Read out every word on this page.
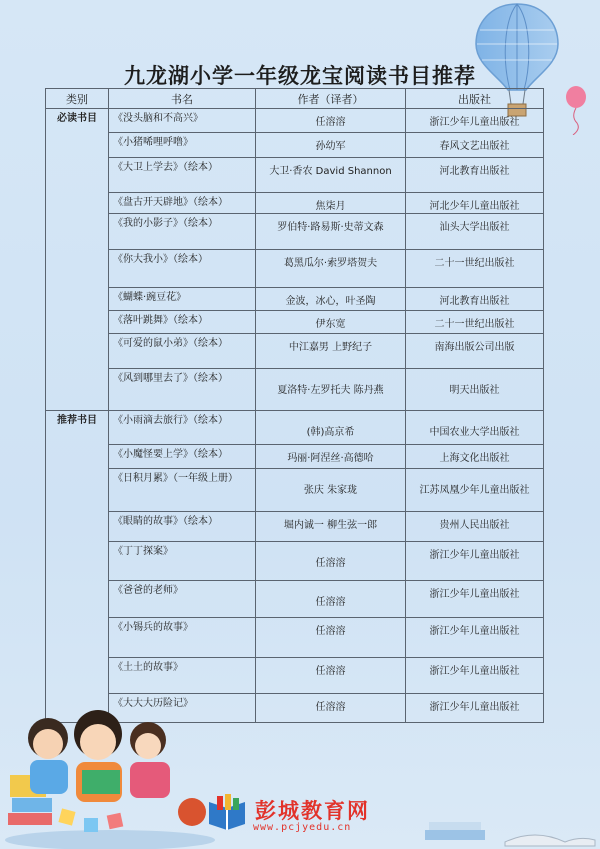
九龙湖小学一年级龙宝阅读书目推荐
类别	书名	作者（译者）	出版社
必读书目	《没头脑和不高兴》	任溶溶	浙江少年儿童出版社
	《小猪唏哩呼噜》	孙幼军	春风文艺出版社
	《大卫上学去》（绘本）	大卫·香农 David Shannon	河北教育出版社
	《盘古开天辟地》（绘本）	焦柒月	河北少年儿童出版社
	《我的小影子》（绘本）	罗伯特·路易斯·史蒂文森	汕头大学出版社
	《你大我小》（绘本）	葛黑瓜尔·索罗塔贺夫	二十一世纪出版社
	《蝴蝶·豌豆花》	金波，冰心，叶圣陶	河北教育出版社
	《落叶跳舞》（绘本）	伊东宽	二十一世纪出版社
	《可爱的鼠小弟》（绘本）	中江嘉男 上野纪子	南海出版公司出版
	《风到哪里去了》（绘本）	夏洛特·左罗托夫 陈丹燕	明天出版社
推荐书目	《小雨滴去旅行》（绘本）	(韩)高京希	中国农业大学出版社
	《小魔怪要上学》（绘本）	玛丽·阿涅丝·高德哈	上海文化出版社
	《日积月累》（一年级上册）	张庆 朱家珑	江苏凤凰少年儿童出版社
	《眼睛的故事》（绘本）	堀内诚一 柳生弦一郎	贵州人民出版社
	《丁丁探案》	任溶溶	浙江少年儿童出版社
	《爸爸的老师》	任溶溶	浙江少年儿童出版社
	《小锡兵的故事》	任溶溶	浙江少年儿童出版社
	《土土的故事》	任溶溶	浙江少年儿童出版社
	《大大大历险记》	任溶溶	浙江少年儿童出版社
彭城教育网
www.pcjyedu.cn
